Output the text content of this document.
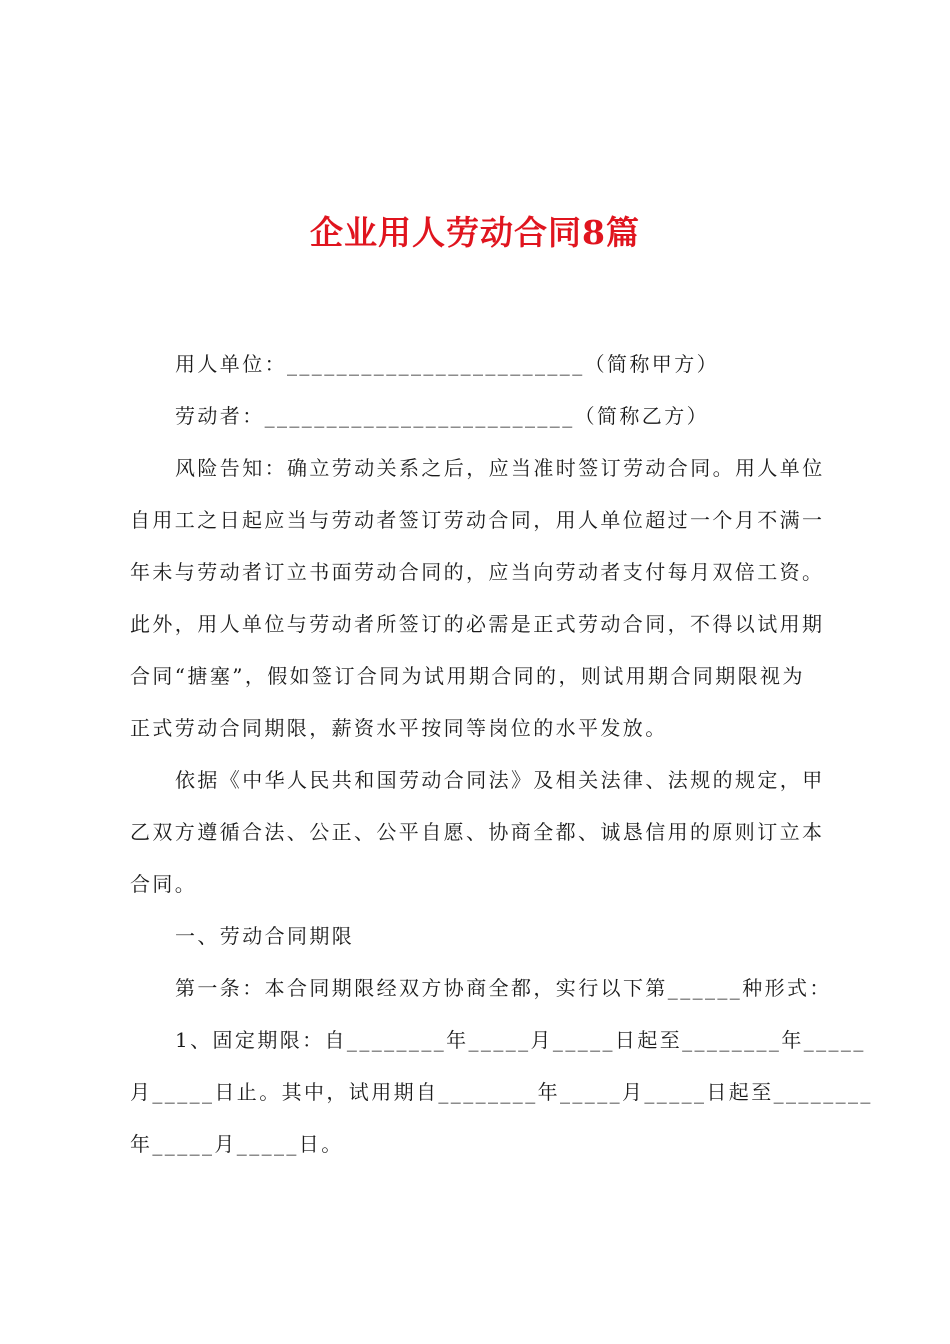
企业用人劳动合同8篇

用人单位：________________________（简称甲方）

劳动者：_________________________（简称乙方）

风险告知：确立劳动关系之后，应当准时签订劳动合同。用人单位
自用工之日起应当与劳动者签订劳动合同，用人单位超过一个月不满一
年未与劳动者订立书面劳动合同的，应当向劳动者支付每月双倍工资。
此外，用人单位与劳动者所签订的必需是正式劳动合同，不得以试用期
合同“搪塞”，假如签订合同为试用期合同的，则试用期合同期限视为
正式劳动合同期限，薪资水平按同等岗位的水平发放。
依据《中华人民共和国劳动合同法》及相关法律、法规的规定，甲
乙双方遵循合法、公正、公平自愿、协商全都、诚恳信用的原则订立本
合同。

一、劳动合同期限

第一条：本合同期限经双方协商全都，实行以下第______种形式：

1、固定期限：自________年_____月_____日起至________年_____
月_____日止。其中，试用期自________年_____月_____日起至________
年_____月_____日。
